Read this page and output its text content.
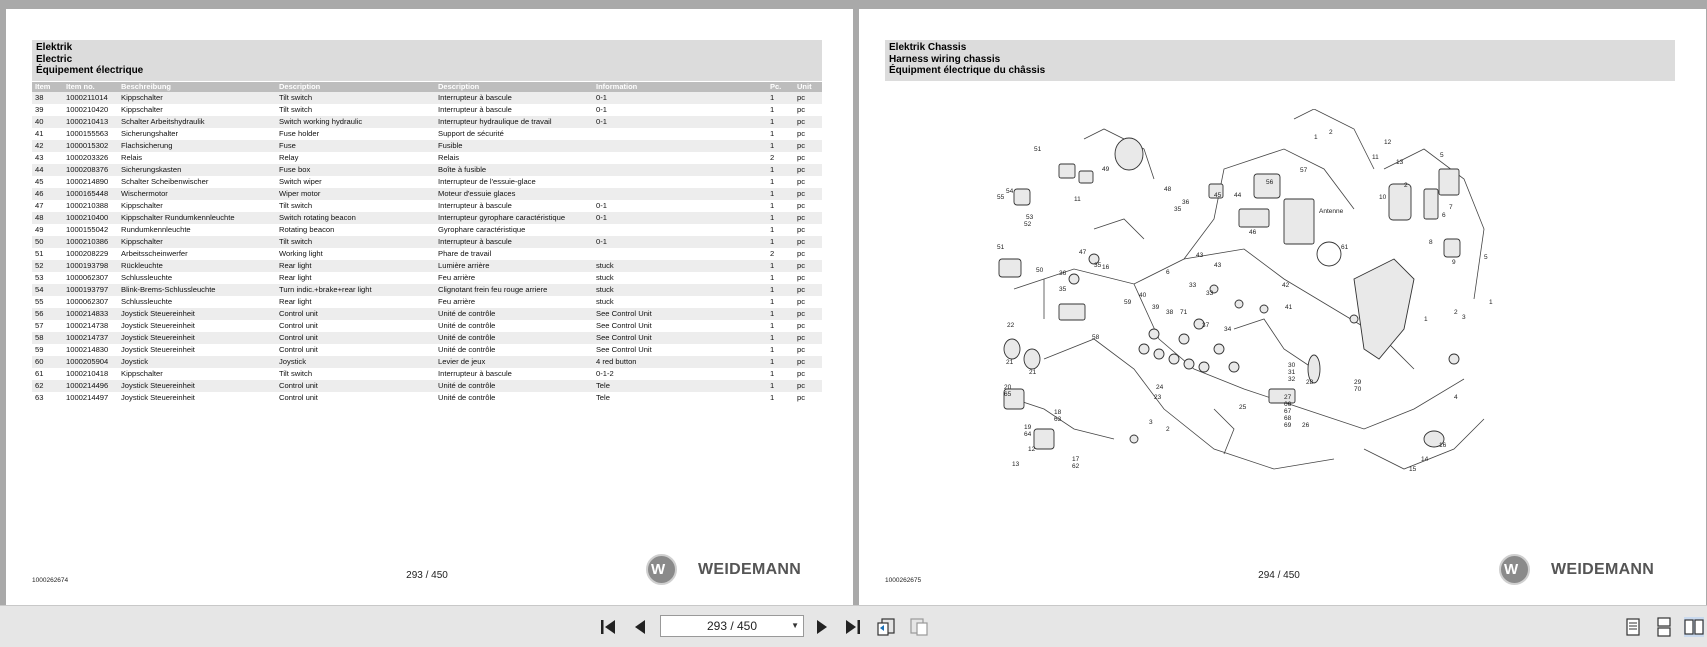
Elektrik
Electric
Équipement électrique
Item	Item no.	Beschreibung	Description	Description	Information	Pc.	Unit
38	1000211014	Kippschalter	Tilt switch	Interrupteur à bascule	0-1	1	pc
39	1000210420	Kippschalter	Tilt switch	Interrupteur à bascule	0-1	1	pc
40	1000210413	Schalter Arbeitshydraulik	Switch working hydraulic	Interrupteur hydraulique de travail	0-1	1	pc
41	1000155563	Sicherungshalter	Fuse holder	Support de sécurité		1	pc
42	1000015302	Flachsicherung	Fuse	Fusible		1	pc
43	1000203326	Relais	Relay	Relais		2	pc
44	1000208376	Sicherungskasten	Fuse box	Boîte à fusible		1	pc
45	1000214890	Schalter Scheibenwischer	Switch wiper	Interrupteur de l'essuie-glace		1	pc
46	1000165448	Wischermotor	Wiper motor	Moteur d'essuie glaces		1	pc
47	1000210388	Kippschalter	Tilt switch	Interrupteur à bascule	0-1	1	pc
48	1000210400	Kippschalter Rundumkennleuchte	Switch rotating beacon	Interrupteur gyrophare caractéristique	0-1	1	pc
49	1000155042	Rundumkennleuchte	Rotating beacon	Gyrophare caractéristique		1	pc
50	1000210386	Kippschalter	Tilt switch	Interrupteur à bascule	0-1	1	pc
51	1000208229	Arbeitsscheinwerfer	Working light	Phare de travail		2	pc
52	1000193798	Rückleuchte	Rear light	Lumière arrière	stuck	1	pc
53	1000062307	Schlussleuchte	Rear light	Feu arrière	stuck	1	pc
54	1000193797	Blink-Brems-Schlussleuchte	Turn indic.+brake+rear light	Clignotant frein feu rouge arriere	stuck	1	pc
55	1000062307	Schlussleuchte	Rear light	Feu arrière	stuck	1	pc
56	1000214833	Joystick Steuereinheit	Control unit	Unité de contrôle	See Control Unit	1	pc
57	1000214738	Joystick Steuereinheit	Control unit	Unité de contrôle	See Control Unit	1	pc
58	1000214737	Joystick Steuereinheit	Control unit	Unité de contrôle	See Control Unit	1	pc
59	1000214830	Joystick Steuereinheit	Control unit	Unité de contrôle	See Control Unit	1	pc
60	1000205904	Joystick	Joystick	Levier de jeux	4 red button	1	pc
61	1000210418	Kippschalter	Tilt switch	Interrupteur à bascule	0-1-2	1	pc
62	1000214496	Joystick Steuereinheit	Control unit	Unité de contrôle	Tele	1	pc
63	1000214497	Joystick Steuereinheit	Control unit	Unité de contrôle	Tele	1	pc
1000262674	293 / 450	W WEIDEMANN
Elektrik Chassis
Harness wiring chassis
Équipment électrique du châssis
51
49
48
36
35
45 44
46
57
56
11
12
11
13
10
2
5
7
6
8
9
5
Antenne
61
55
54
53
52
51
47
50
35
36
35 16
43
43
33
33
42
41
6
39
38 71
40
37
34
59
58
30
31
32	29
70
28
27
66
67
68
69 26
25
24
23
22
21
21
20
65
19
64
18
63
17
62
12
13
3
2
1
4
16
14
15
1
2
1
2
3
1000262675	294 / 450	W WEIDEMANN
293 / 450	▼
